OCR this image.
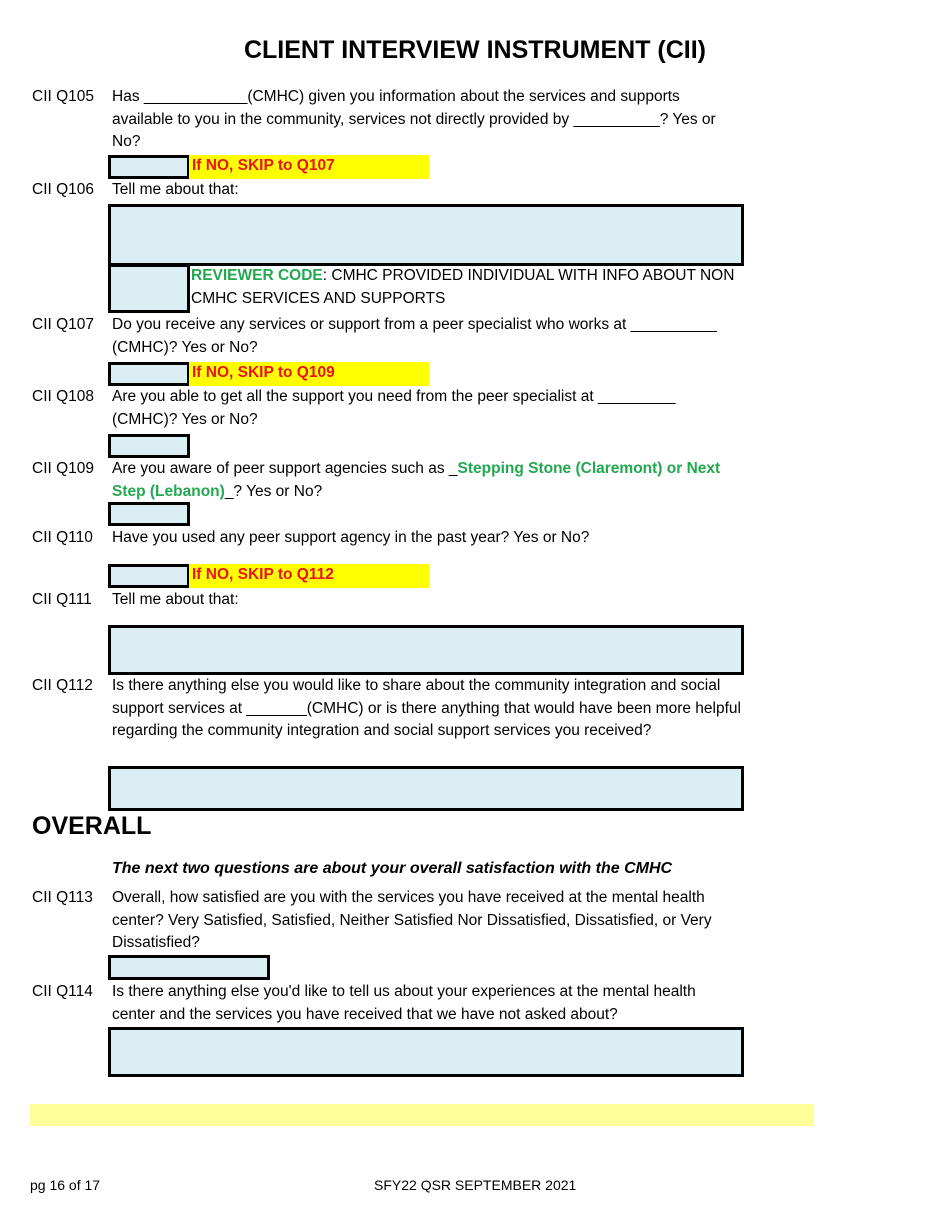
CLIENT INTERVIEW INSTRUMENT (CII)
CII Q105 Has ____________(CMHC) given you information about the services and supports available to you in the community, services not directly provided by __________? Yes or No?
If NO, SKIP to Q107
CII Q106 Tell me about that:
REVIEWER CODE: CMHC PROVIDED INDIVIDUAL WITH INFO ABOUT NON CMHC SERVICES AND SUPPORTS
CII Q107 Do you receive any services or support from a peer specialist who works at __________ (CMHC)? Yes or No?
If NO, SKIP to Q109
CII Q108 Are you able to get all the support you need from the peer specialist at _________ (CMHC)? Yes or No?
CII Q109 Are you aware of peer support agencies such as _Stepping Stone (Claremont) or Next Step (Lebanon)_? Yes or No?
CII Q110 Have you used any peer support agency in the past year? Yes or No?
If NO, SKIP to Q112
CII Q111 Tell me about that:
CII Q112 Is there anything else you would like to share about the community integration and social support services at _______(CMHC) or is there anything that would have been more helpful regarding the community integration and social support services you received?
OVERALL
The next two questions are about your overall satisfaction with the CMHC
CII Q113 Overall, how satisfied are you with the services you have received at the mental health center? Very Satisfied, Satisfied, Neither Satisfied Nor Dissatisfied, Dissatisfied, or Very Dissatisfied?
CII Q114 Is there anything else you'd like to tell us about your experiences at the mental health center and the services you have received that we have not asked about?
pg 16 of 17	SFY22 QSR SEPTEMBER 2021
